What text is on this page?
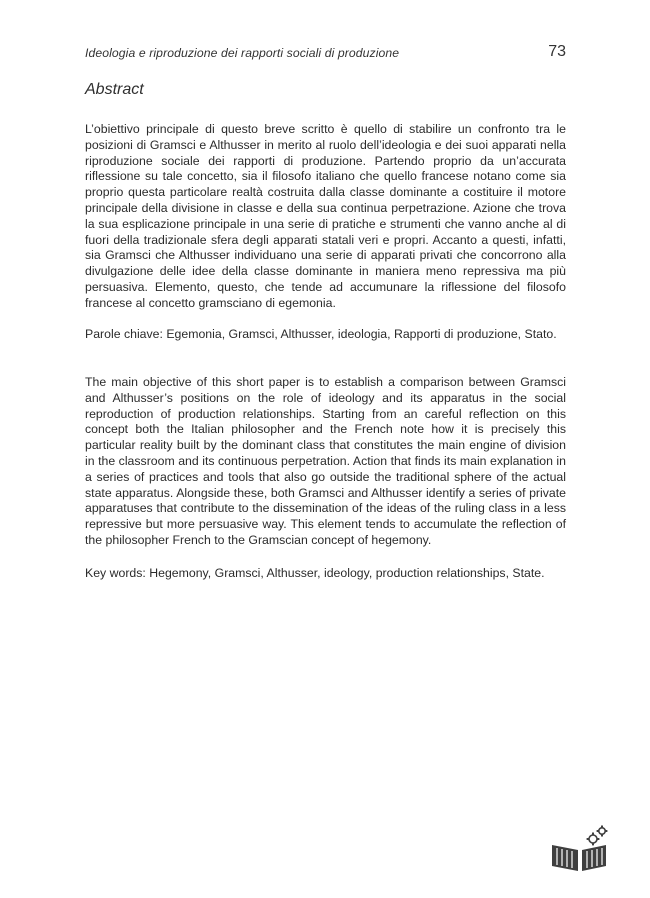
Ideologia e riproduzione dei rapporti sociali di produzione	73
Abstract

L’obiettivo principale di questo breve scritto è quello di stabilire un confronto tra le posizioni di Gramsci e Althusser in merito al ruolo dell’ideologia e dei suoi apparati nella riproduzione sociale dei rapporti di produzione. Partendo proprio da un’accurata riflessione su tale concetto, sia il filosofo italiano che quello francese notano come sia proprio questa particolare realtà costruita dalla classe dominante a costituire il motore principale della divisione in classe e della sua continua perpetrazione. Azione che trova la sua esplicazione principale in una serie di pratiche e strumenti che vanno anche al di fuori della tradizionale sfera degli apparati statali veri e propri. Accanto a questi, infatti, sia Gramsci che Althusser individuano una serie di apparati privati che concorrono alla divulgazione delle idee della classe dominante in maniera meno repressiva ma più persuasiva. Elemento, questo, che tende ad accumunare la riflessione del filosofo francese al concetto gramsciano di egemonia.

Parole chiave: Egemonia, Gramsci, Althusser, ideologia, Rapporti di produzione, Stato.

The main objective of this short paper is to establish a comparison between Gramsci and Althusser’s positions on the role of ideology and its apparatus in the social reproduction of production relationships. Starting from an careful reflection on this concept both the Italian philosopher and the French note how it is precisely this particular reality built by the dominant class that constitutes the main engine of division in the classroom and its continuous perpetration. Action that finds its main explanation in a series of practices and tools that also go outside the traditional sphere of the actual state apparatus. Alongside these, both Gramsci and Althusser identify a series of private apparatuses that contribute to the dissemination of the ideas of the ruling class in a less repressive but more persuasive way. This element tends to accumulate the reflection of the philosopher French to the Gramscian concept of hegemony.

Key words: Hegemony, Gramsci, Althusser, ideology, production relationships, State.
